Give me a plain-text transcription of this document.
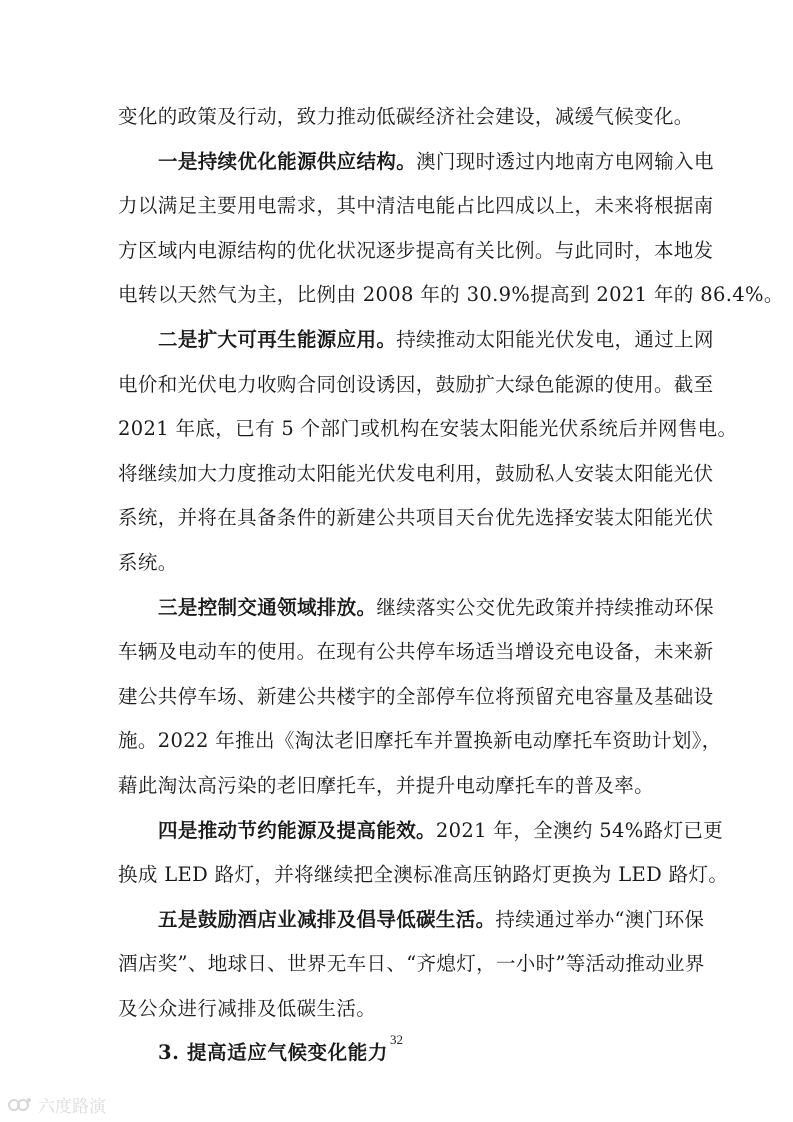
变化的政策及行动，致力推动低碳经济社会建设，减缓气候变化。
一是持续优化能源供应结构。澳门现时透过内地南方电网输入电
力以满足主要用电需求，其中清洁电能占比四成以上，未来将根据南
方区域内电源结构的优化状况逐步提高有关比例。与此同时，本地发
电转以天然气为主，比例由 2008 年的 30.9%提高到 2021 年的 86.4%。
二是扩大可再生能源应用。持续推动太阳能光伏发电，通过上网
电价和光伏电力收购合同创设诱因，鼓励扩大绿色能源的使用。截至
2021 年底，已有 5 个部门或机构在安装太阳能光伏系统后并网售电。
将继续加大力度推动太阳能光伏发电利用，鼓励私人安装太阳能光伏
系统，并将在具备条件的新建公共项目天台优先选择安装太阳能光伏
系统。
三是控制交通领域排放。继续落实公交优先政策并持续推动环保
车辆及电动车的使用。在现有公共停车场适当增设充电设备，未来新
建公共停车场、新建公共楼宇的全部停车位将预留充电容量及基础设
施。2022 年推出《淘汰老旧摩托车并置换新电动摩托车资助计划》，
藉此淘汰高污染的老旧摩托车，并提升电动摩托车的普及率。
四是推动节约能源及提高能效。2021 年，全澳约 54%路灯已更
换成 LED 路灯，并将继续把全澳标准高压钠路灯更换为 LED 路灯。
五是鼓励酒店业减排及倡导低碳生活。持续通过举办“澳门环保
酒店奖”、地球日、世界无车日、“齐熄灯，一小时”等活动推动业界
及公众进行减排及低碳生活。
3. 提高适应气候变化能力
32
六度路演
